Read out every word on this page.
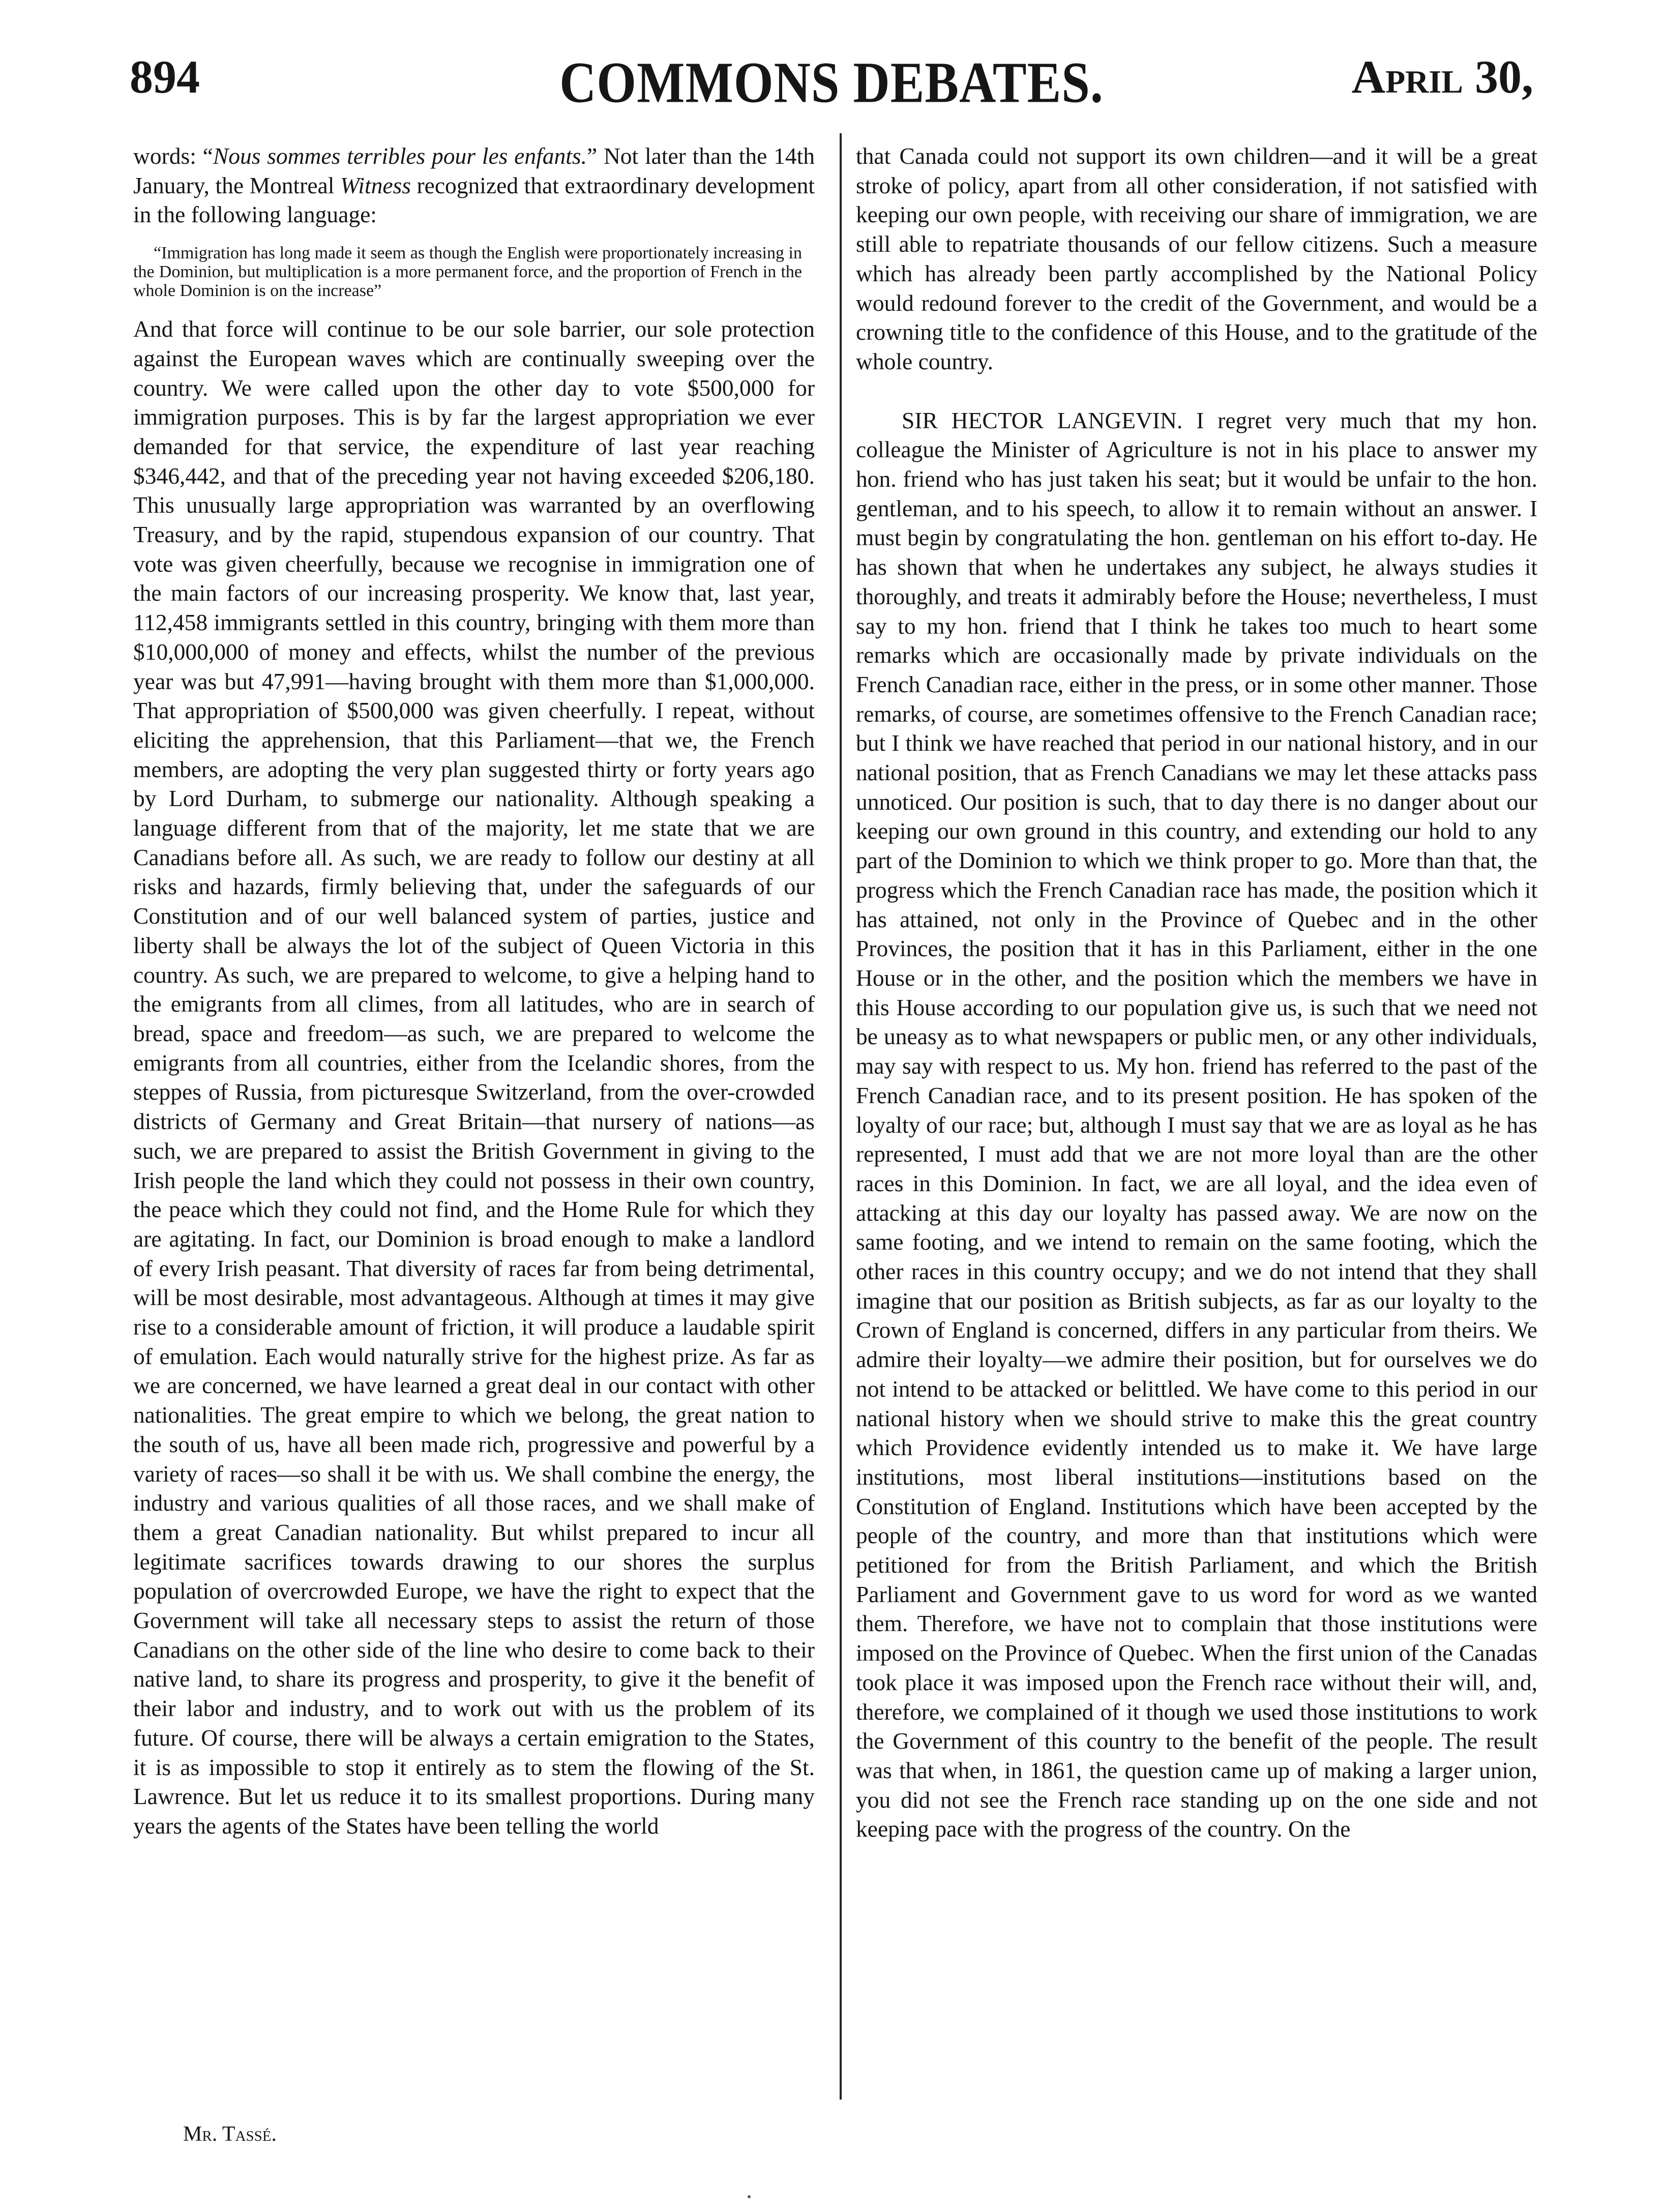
894	COMMONS DEBATES.	April 30,

words: “Nous sommes terribles pour les enfants.” Not later than the 14th January, the Montreal Witness recognized that extraordinary development in the following language:

“Immigration has long made it seem as though the English were proportionately increasing in the Dominion, but multiplication is a more permanent force, and the proportion of French in the whole Dominion is on the increase”

And that force will continue to be our sole barrier, our sole protection against the European waves which are continually sweeping over the country. We were called upon the other day to vote $500,000 for immigration purposes. This is by far the largest appropriation we ever demanded for that service, the expenditure of last year reaching $346,442, and that of the preceding year not having exceeded $206,180. This unusually large appropriation was warranted by an overflowing Treasury, and by the rapid, stupendous expansion of our country. That vote was given cheerfully, because we recognise in immigration one of the main factors of our increasing prosperity. We know that, last year, 112,458 immigrants settled in this country, bringing with them more than $10,000,000 of money and effects, whilst the number of the previous year was but 47,991—having brought with them more than $1,000,000. That appropriation of $500,000 was given cheerfully. I repeat, without eliciting the apprehension, that this Parliament—that we, the French members, are adopting the very plan suggested thirty or forty years ago by Lord Durham, to submerge our nationality. Although speaking a language different from that of the majority, let me state that we are Canadians before all. As such, we are ready to follow our destiny at all risks and hazards, firmly believing that, under the safeguards of our Constitution and of our well balanced system of parties, justice and liberty shall be always the lot of the subject of Queen Victoria in this country. As such, we are prepared to welcome, to give a helping hand to the emigrants from all climes, from all latitudes, who are in search of bread, space and freedom—as such, we are prepared to welcome the emigrants from all countries, either from the Icelandic shores, from the steppes of Russia, from picturesque Switzerland, from the over-crowded districts of Germany and Great Britain—that nursery of nations—as such, we are prepared to assist the British Government in giving to the Irish people the land which they could not possess in their own country, the peace which they could not find, and the Home Rule for which they are agitating. In fact, our Dominion is broad enough to make a landlord of every Irish peasant. That diversity of races far from being detrimental, will be most desirable, most advantageous. Although at times it may give rise to a considerable amount of friction, it will produce a laudable spirit of emulation. Each would naturally strive for the highest prize. As far as we are concerned, we have learned a great deal in our contact with other nationalities. The great empire to which we belong, the great nation to the south of us, have all been made rich, progressive and powerful by a variety of races—so shall it be with us. We shall combine the energy, the industry and various qualities of all those races, and we shall make of them a great Canadian nationality. But whilst prepared to incur all legitimate sacrifices towards drawing to our shores the surplus population of overcrowded Europe, we have the right to expect that the Government will take all necessary steps to assist the return of those Canadians on the other side of the line who desire to come back to their native land, to share its progress and prosperity, to give it the benefit of their labor and industry, and to work out with us the problem of its future. Of course, there will be always a certain emigration to the States, it is as impossible to stop it entirely as to stem the flowing of the St. Lawrence. But let us reduce it to its smallest proportions. During many years the agents of the States have been telling the world

that Canada could not support its own children—and it will be a great stroke of policy, apart from all other consideration, if not satisfied with keeping our own people, with receiving our share of immigration, we are still able to repatriate thousands of our fellow citizens. Such a measure which has already been partly accomplished by the National Policy would redound forever to the credit of the Government, and would be a crowning title to the confidence of this House, and to the gratitude of the whole country.

SIR HECTOR LANGEVIN. I regret very much that my hon. colleague the Minister of Agriculture is not in his place to answer my hon. friend who has just taken his seat; but it would be unfair to the hon. gentleman, and to his speech, to allow it to remain without an answer. I must begin by congratulating the hon. gentleman on his effort to-day. He has shown that when he undertakes any subject, he always studies it thoroughly, and treats it admirably before the House; nevertheless, I must say to my hon. friend that I think he takes too much to heart some remarks which are occasionally made by private individuals on the French Canadian race, either in the press, or in some other manner. Those remarks, of course, are sometimes offensive to the French Canadian race; but I think we have reached that period in our national history, and in our national position, that as French Canadians we may let these attacks pass unnoticed. Our position is such, that to day there is no danger about our keeping our own ground in this country, and extending our hold to any part of the Dominion to which we think proper to go. More than that, the progress which the French Canadian race has made, the position which it has attained, not only in the Province of Quebec and in the other Provinces, the position that it has in this Parliament, either in the one House or in the other, and the position which the members we have in this House according to our population give us, is such that we need not be uneasy as to what newspapers or public men, or any other individuals, may say with respect to us. My hon. friend has referred to the past of the French Canadian race, and to its present position. He has spoken of the loyalty of our race; but, although I must say that we are as loyal as he has represented, I must add that we are not more loyal than are the other races in this Dominion. In fact, we are all loyal, and the idea even of attacking at this day our loyalty has passed away. We are now on the same footing, and we intend to remain on the same footing, which the other races in this country occupy; and we do not intend that they shall imagine that our position as British subjects, as far as our loyalty to the Crown of England is concerned, differs in any particular from theirs. We admire their loyalty—we admire their position, but for ourselves we do not intend to be attacked or belittled. We have come to this period in our national history when we should strive to make this the great country which Providence evidently intended us to make it. We have large institutions, most liberal institutions—institutions based on the Constitution of England. Institutions which have been accepted by the people of the country, and more than that institutions which were petitioned for from the British Parliament, and which the British Parliament and Government gave to us word for word as we wanted them. Therefore, we have not to complain that those institutions were imposed on the Province of Quebec. When the first union of the Canadas took place it was imposed upon the French race without their will, and, therefore, we complained of it though we used those institutions to work the Government of this country to the benefit of the people. The result was that when, in 1861, the question came up of making a larger union, you did not see the French race standing up on the one side and not keeping pace with the progress of the country. On the

Mr. Tassé.
